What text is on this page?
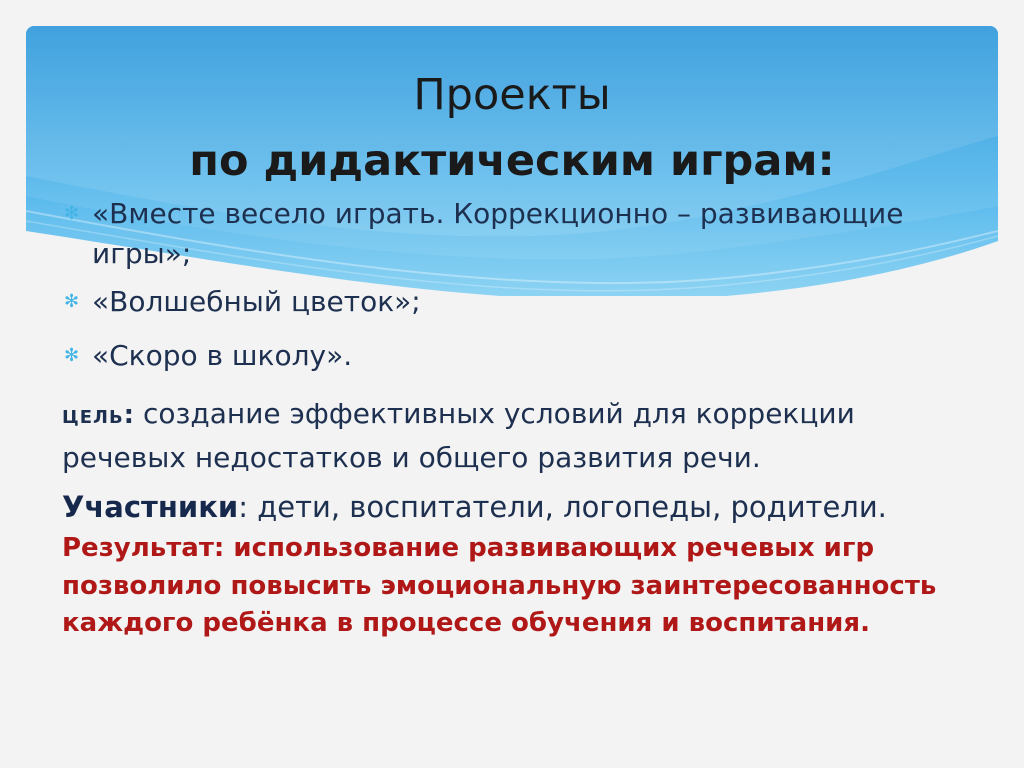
Проекты
по дидактическим играм:
✻ «Вместе весело играть. Коррекционно – развивающие игры»;
✻ «Волшебный цветок»;
✻ «Скоро в школу».
ЦЕЛЬ: создание эффективных условий для коррекции речевых недостатков и общего развития речи.
Участники: дети, воспитатели, логопеды, родители.
Результат: использование развивающих речевых игр позволило повысить эмоциональную заинтересованность каждого ребёнка в процессе обучения и воспитания.
